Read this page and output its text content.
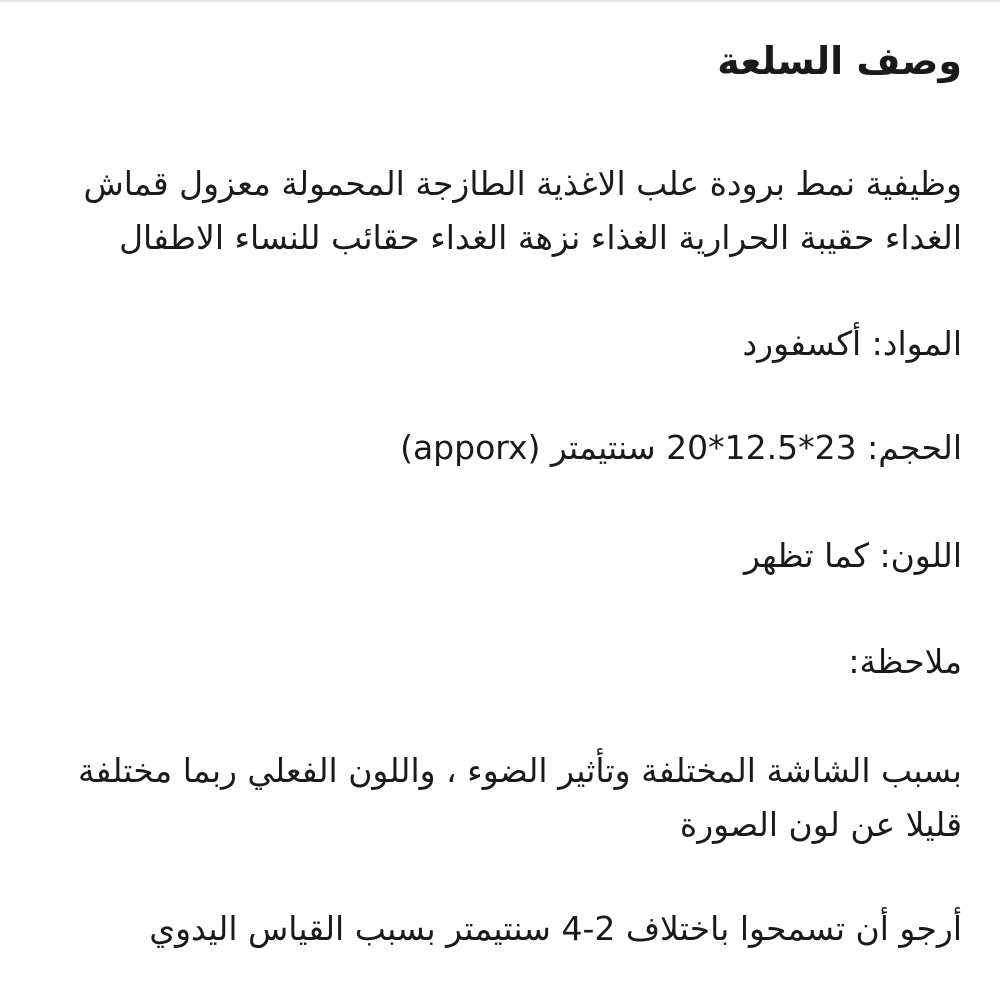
وصف السلعة
وظيفية نمط برودة علب الاغذية الطازجة المحمولة معزول قماش
الغداء حقيبة الحرارية الغذاء نزهة الغداء حقائب للنساء الاطفال

المواد: أكسفورد

الحجم: 23*12.5*20 سنتيمتر (apporx)

اللون: كما تظهر

ملاحظة:

بسبب الشاشة المختلفة وتأثير الضوء ، واللون الفعلي ربما مختلفة
قليلا عن لون الصورة

أرجو أن تسمحوا باختلاف 2-4 سنتيمتر بسبب القياس اليدوي
